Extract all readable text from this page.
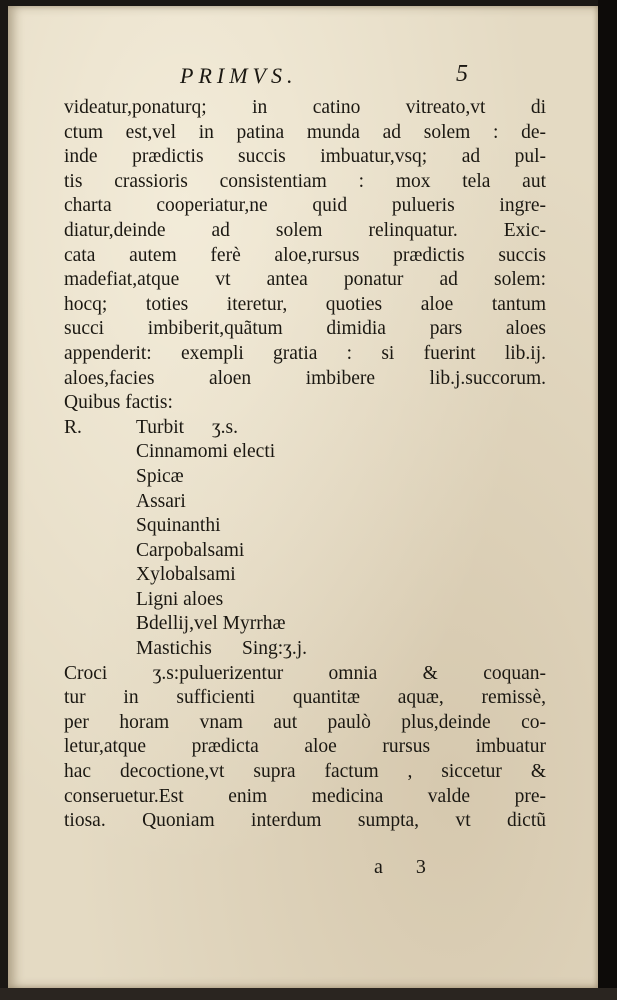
PRIMVS.	5
videatur,ponaturq; in catino vitreato,vt di
ctum est,vel in patina munda ad solem : de-
inde prædictis succis imbuatur,vsq; ad pul-
tis crassioris consistentiam : mox tela aut
charta cooperiatur,ne quid pulueris ingre-
diatur,deinde ad solem relinquatur. Exic-
cata autem ferè aloe,rursus prædictis succis
madefiat,atque vt antea ponatur ad solem:
hocq; toties iteretur, quoties aloe tantum
succi imbiberit,quãtum dimidia pars aloes
appenderit: exempli gratia : si fuerint lib.ij.
aloes,facies aloen imbibere lib.j.succorum.
Quibus factis:
R.	Turbit ʒ.s.
Cinnamomi electi
Spicæ
Assari
Squinanthi
Carpobalsami
Xylobalsami
Ligni aloes
Bdellij,vel Myrrhæ
Mastichis Sing:ʒ.j.
Croci ʒ.s:puluerizentur omnia & coquan-
tur in sufficienti quantitæ aquæ, remissè,
per horam vnam aut paulò plus,deinde co-
letur,atque prædicta aloe rursus imbuatur
hac decoctione,vt supra factum , siccetur &
conseruetur.Est enim medicina valde pre-
tiosa. Quoniam interdum sumpta, vt dictũ
a 3
